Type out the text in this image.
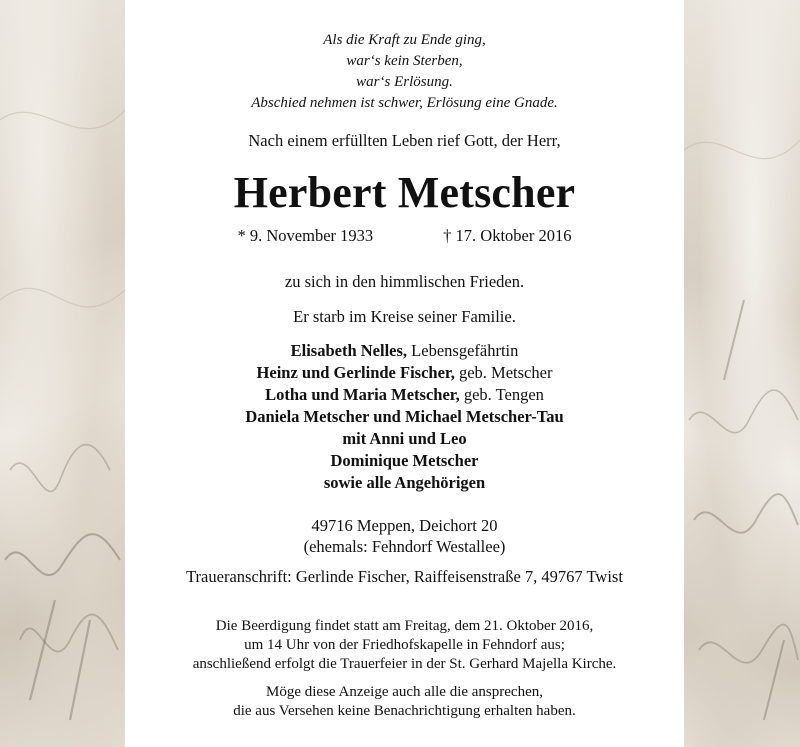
Als die Kraft zu Ende ging,
war‘s kein Sterben,
war‘s Erlösung.
Abschied nehmen ist schwer, Erlösung eine Gnade.
Nach einem erfüllten Leben rief Gott, der Herr,
Herbert Metscher
* 9. November 1933	† 17. Oktober 2016
zu sich in den himmlischen Frieden.
Er starb im Kreise seiner Familie.
Elisabeth Nelles, Lebensgefährtin
Heinz und Gerlinde Fischer, geb. Metscher
Lotha und Maria Metscher, geb. Tengen
Daniela Metscher und Michael Metscher-Tau
mit Anni und Leo
Dominique Metscher
sowie alle Angehörigen
49716 Meppen, Deichort 20
(ehemals: Fehndorf Westallee)
Traueranschrift: Gerlinde Fischer, Raiffeisenstraße 7, 49767 Twist
Die Beerdigung findet statt am Freitag, dem 21. Oktober 2016,
um 14 Uhr von der Friedhofskapelle in Fehndorf aus;
anschließend erfolgt die Trauerfeier in der St. Gerhard Majella Kirche.
Möge diese Anzeige auch alle die ansprechen,
die aus Versehen keine Benachrichtigung erhalten haben.
